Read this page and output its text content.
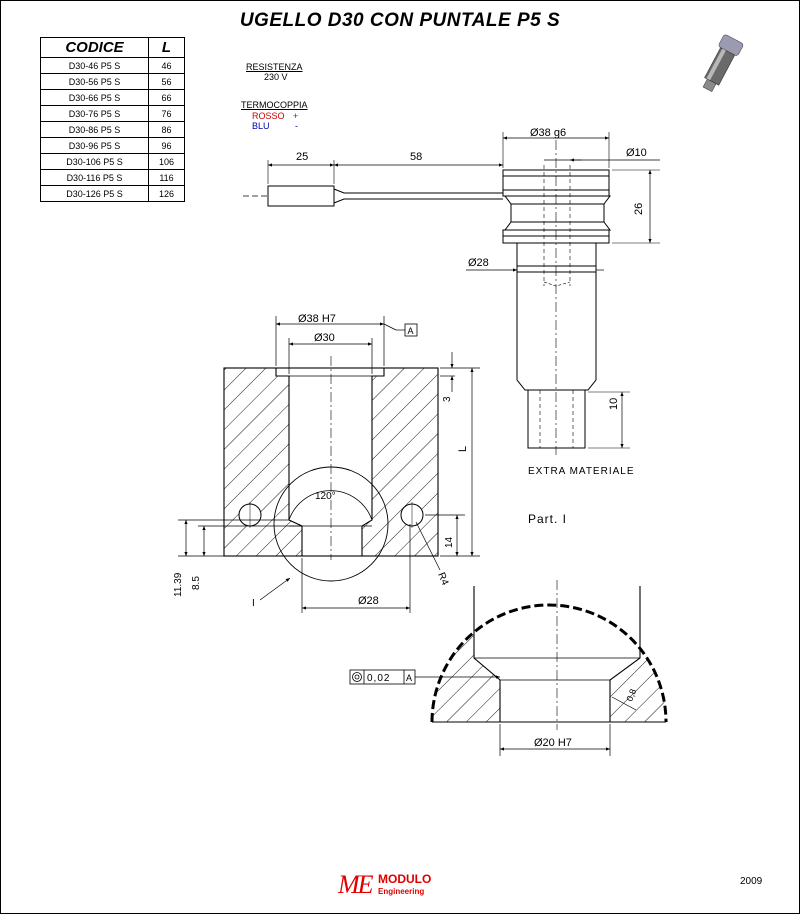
UGELLO D30 CON PUNTALE P5 S
CODICE	L
D30-46 P5 S	46
D30-56 P5 S	56
D30-66 P5 S	66
D30-76 P5 S	76
D30-86 P5 S	86
D30-96 P5 S	96
D30-106 P5 S	106
D30-116 P5 S	116
D30-126 P5 S	126
RESISTENZA
230 V
TERMOCOPPIA
ROSSO +
BLU	-
Ø38 g6
25	58	Ø10
26
Ø28
10
EXTRA MATERIALE
Ø38 H7
A
Ø30
3
L
14
120°
11.39 8.5	R4
I	Ø28
Part. I
0,02 A
0,8
Ø20 H7
ME MODULO
Engineering
2009
